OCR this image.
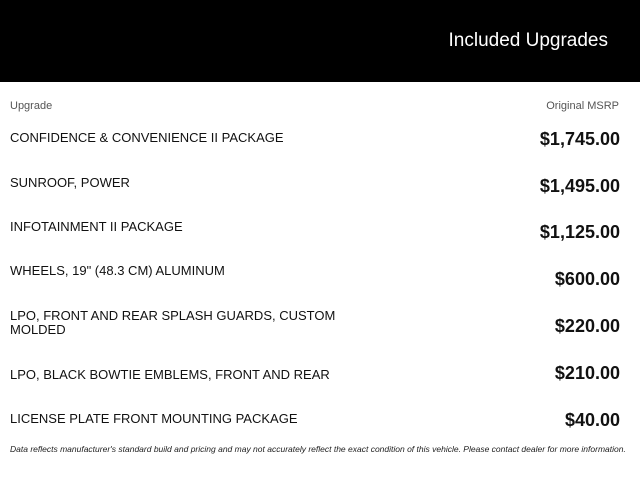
Included Upgrades
Upgrade	Original MSRP
CONFIDENCE & CONVENIENCE II PACKAGE	$1,745.00
SUNROOF, POWER	$1,495.00
INFOTAINMENT II PACKAGE	$1,125.00
WHEELS, 19" (48.3 CM) ALUMINUM	$600.00
LPO, FRONT AND REAR SPLASH GUARDS, CUSTOM MOLDED	$220.00
LPO, BLACK BOWTIE EMBLEMS, FRONT AND REAR	$210.00
LICENSE PLATE FRONT MOUNTING PACKAGE	$40.00
Data reflects manufacturer's standard build and pricing and may not accurately reflect the exact condition of this vehicle. Please contact dealer for more information.
